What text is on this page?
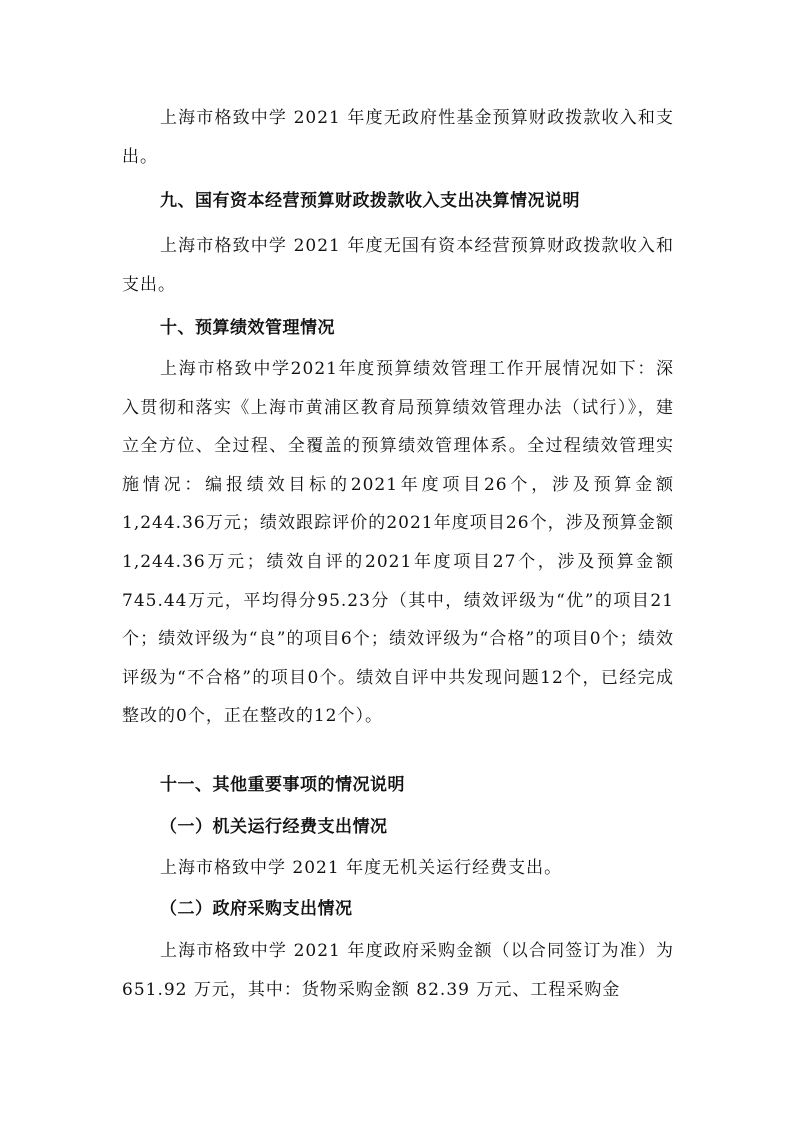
上海市格致中学 2021 年度无政府性基金预算财政拨款收入和支出。

九、国有资本经营预算财政拨款收入支出决算情况说明

上海市格致中学 2021 年度无国有资本经营预算财政拨款收入和支出。

十、预算绩效管理情况

上海市格致中学2021年度预算绩效管理工作开展情况如下：深入贯彻和落实《上海市黄浦区教育局预算绩效管理办法（试行）》，建立全方位、全过程、全覆盖的预算绩效管理体系。全过程绩效管理实施情况：编报绩效目标的2021年度项目26个，涉及预算金额1,244.36万元；绩效跟踪评价的2021年度项目26个，涉及预算金额1,244.36万元；绩效自评的2021年度项目27个，涉及预算金额745.44万元，平均得分95.23分（其中，绩效评级为“优”的项目21个；绩效评级为“良”的项目6个；绩效评级为“合格”的项目0个；绩效评级为“不合格”的项目0个。绩效自评中共发现问题12个，已经完成整改的0个，正在整改的12个）。

十一、其他重要事项的情况说明

（一）机关运行经费支出情况

上海市格致中学 2021 年度无机关运行经费支出。

（二）政府采购支出情况

上海市格致中学 2021 年度政府采购金额（以合同签订为准）为 651.92 万元，其中：货物采购金额 82.39 万元、工程采购金
